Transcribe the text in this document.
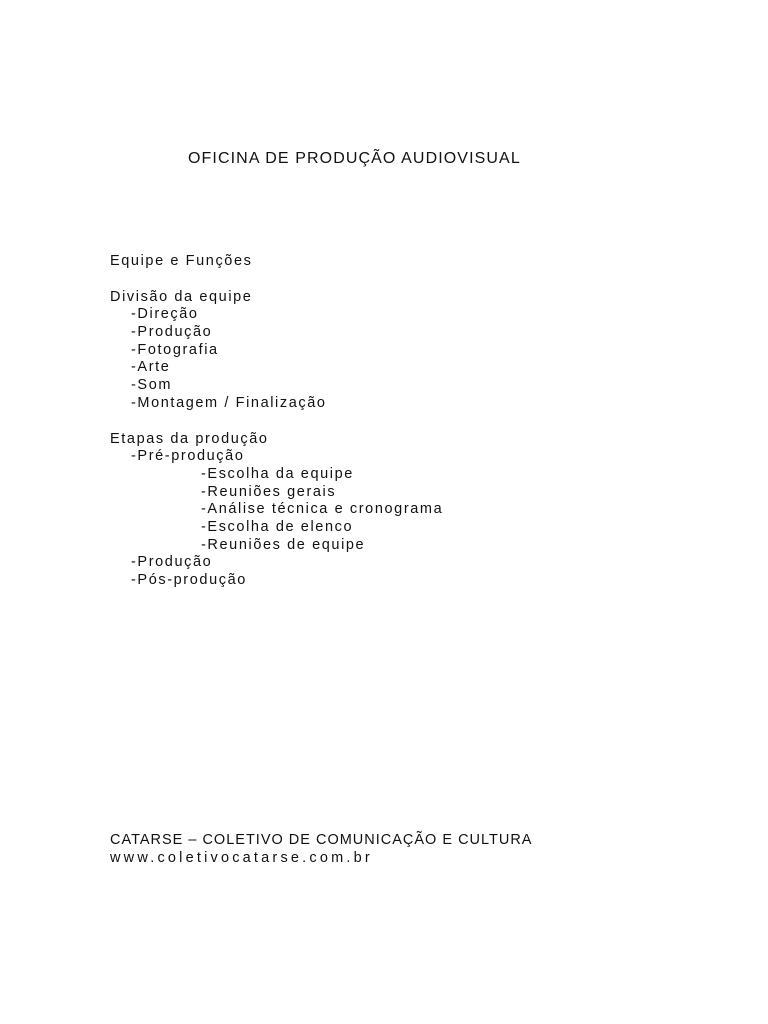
OFICINA DE PRODUÇÃO AUDIOVISUAL
Equipe e Funções
Divisão da equipe
-Direção
-Produção
-Fotografia
-Arte
-Som
-Montagem / Finalização
Etapas da produção
-Pré-produção
-Escolha da equipe
-Reuniões gerais
-Análise técnica e cronograma
-Escolha de elenco
-Reuniões de equipe
-Produção
-Pós-produção
CATARSE – COLETIVO DE COMUNICAÇÃO E CULTURA
www.coletivocatarse.com.br
